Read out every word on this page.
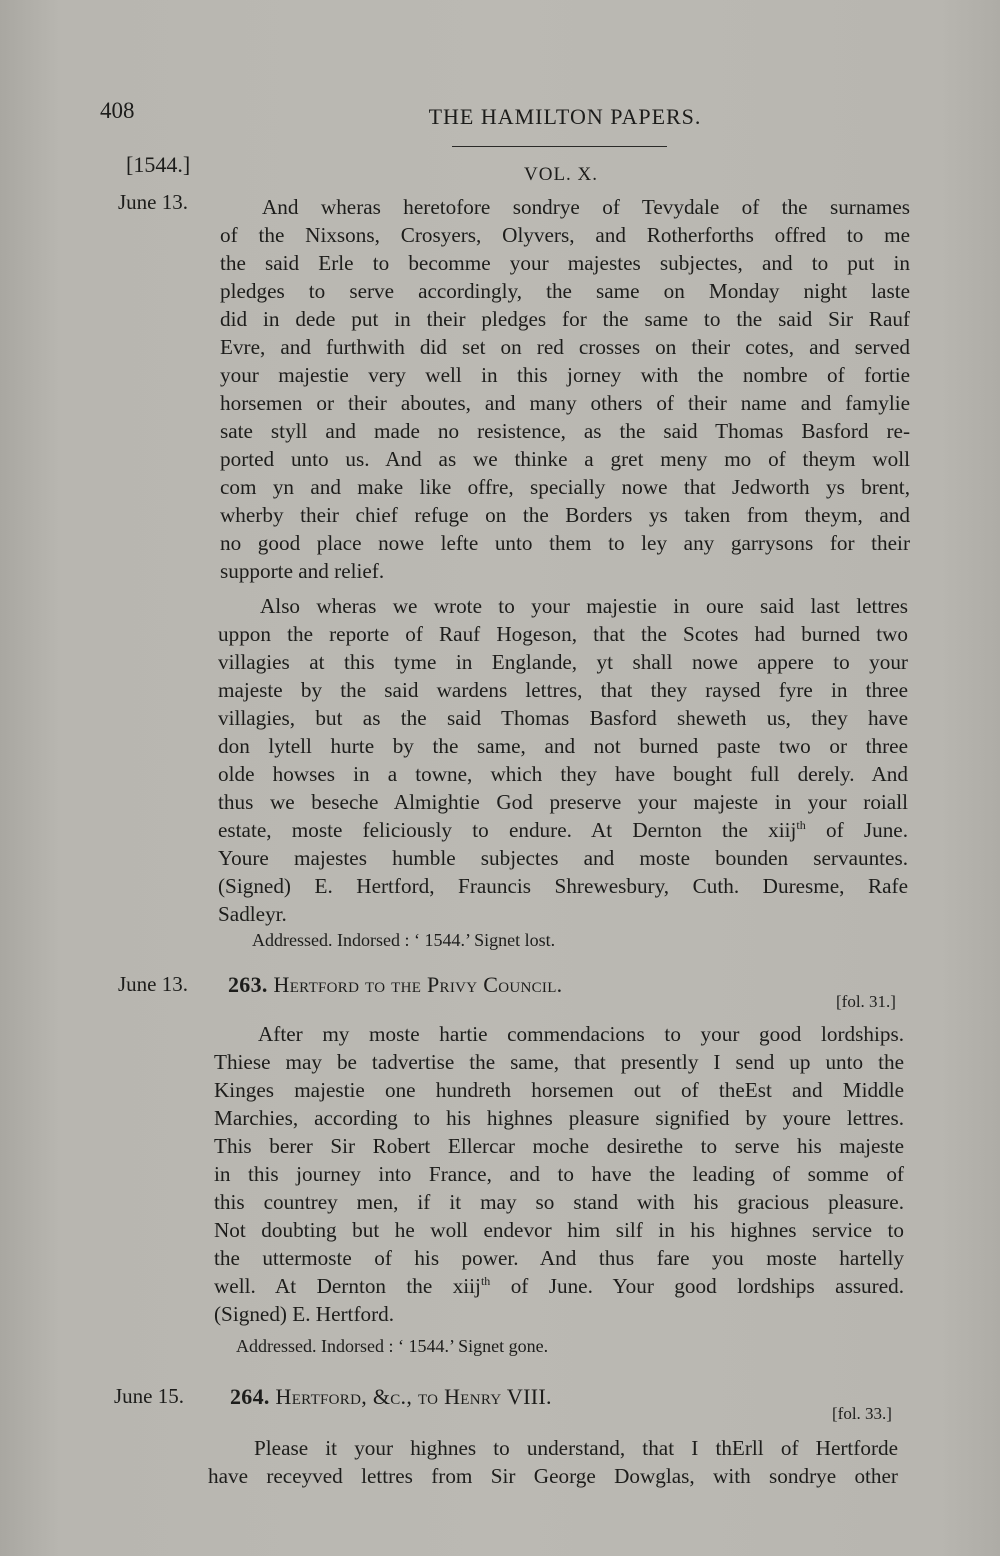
408	THE HAMILTON PAPERS.
[1544.]	VOL. X.
June 13.	And wheras heretofore sondrye of Tevydale of the surnames
of the Nixsons, Crosyers, Olyvers, and Rotherforths offred to me
the said Erle to becomme your majestes subjectes, and to put in
pledges to serve accordingly, the same on Monday night laste
did in dede put in their pledges for the same to the said Sir Rauf
Evre, and furthwith did set on red crosses on their cotes, and served
your majestie very well in this jorney with the nombre of fortie
horsemen or their aboutes, and many others of their name and famylie
sate styll and made no resistence, as the said Thomas Basford re-
ported unto us. And as we thinke a gret meny mo of theym woll
com yn and make like offre, specially nowe that Jedworth ys brent,
wherby their chief refuge on the Borders ys taken from theym, and
no good place nowe lefte unto them to ley any garrysons for their
supporte and relief.
Also wheras we wrote to your majestie in oure said last lettres
uppon the reporte of Rauf Hogeson, that the Scotes had burned two
villagies at this tyme in Englande, yt shall nowe appere to your
majeste by the said wardens lettres, that they raysed fyre in three
villagies, but as the said Thomas Basford sheweth us, they have
don lytell hurte by the same, and not burned paste two or three
olde howses in a towne, which they have bought full derely. And
thus we beseche Almightie God preserve your majeste in your roiall
estate, moste feliciously to endure. At Dernton the xiij$^{th}$ of June.
Youre majestes humble subjectes and moste bounden servauntes.
(Signed) E. Hertford, Frauncis Shrewesbury, Cuth. Duresme, Rafe
Sadleyr.
Addressed. Indorsed : ‘ 1544.’ Signet lost.
June 13. 263. Hertford to the Privy Council.
[fol. 31.]
After my moste hartie commendacions to your good lordships.
Thiese may be tadvertise the same, that presently I send up unto the
Kinges majestie one hundreth horsemen out of theEst and Middle
Marchies, according to his highnes pleasure signified by youre lettres.
This berer Sir Robert Ellercar moche desirethe to serve his majeste
in this journey into France, and to have the leading of somme of
this countrey men, if it may so stand with his gracious pleasure.
Not doubting but he woll endevor him silf in his highnes service to
the uttermoste of his power. And thus fare you moste hartelly
well. At Dernton the xiij$^{th}$ of June. Your good lordships assured.
(Signed) E. Hertford.
Addressed. Indorsed : ‘ 1544.’ Signet gone.
June 15. 264. Hertford, &c., to Henry VIII.
[fol. 33.]
Please it your highnes to understand, that I thErll of Hertforde
have receyved lettres from Sir George Dowglas, with sondrye other
